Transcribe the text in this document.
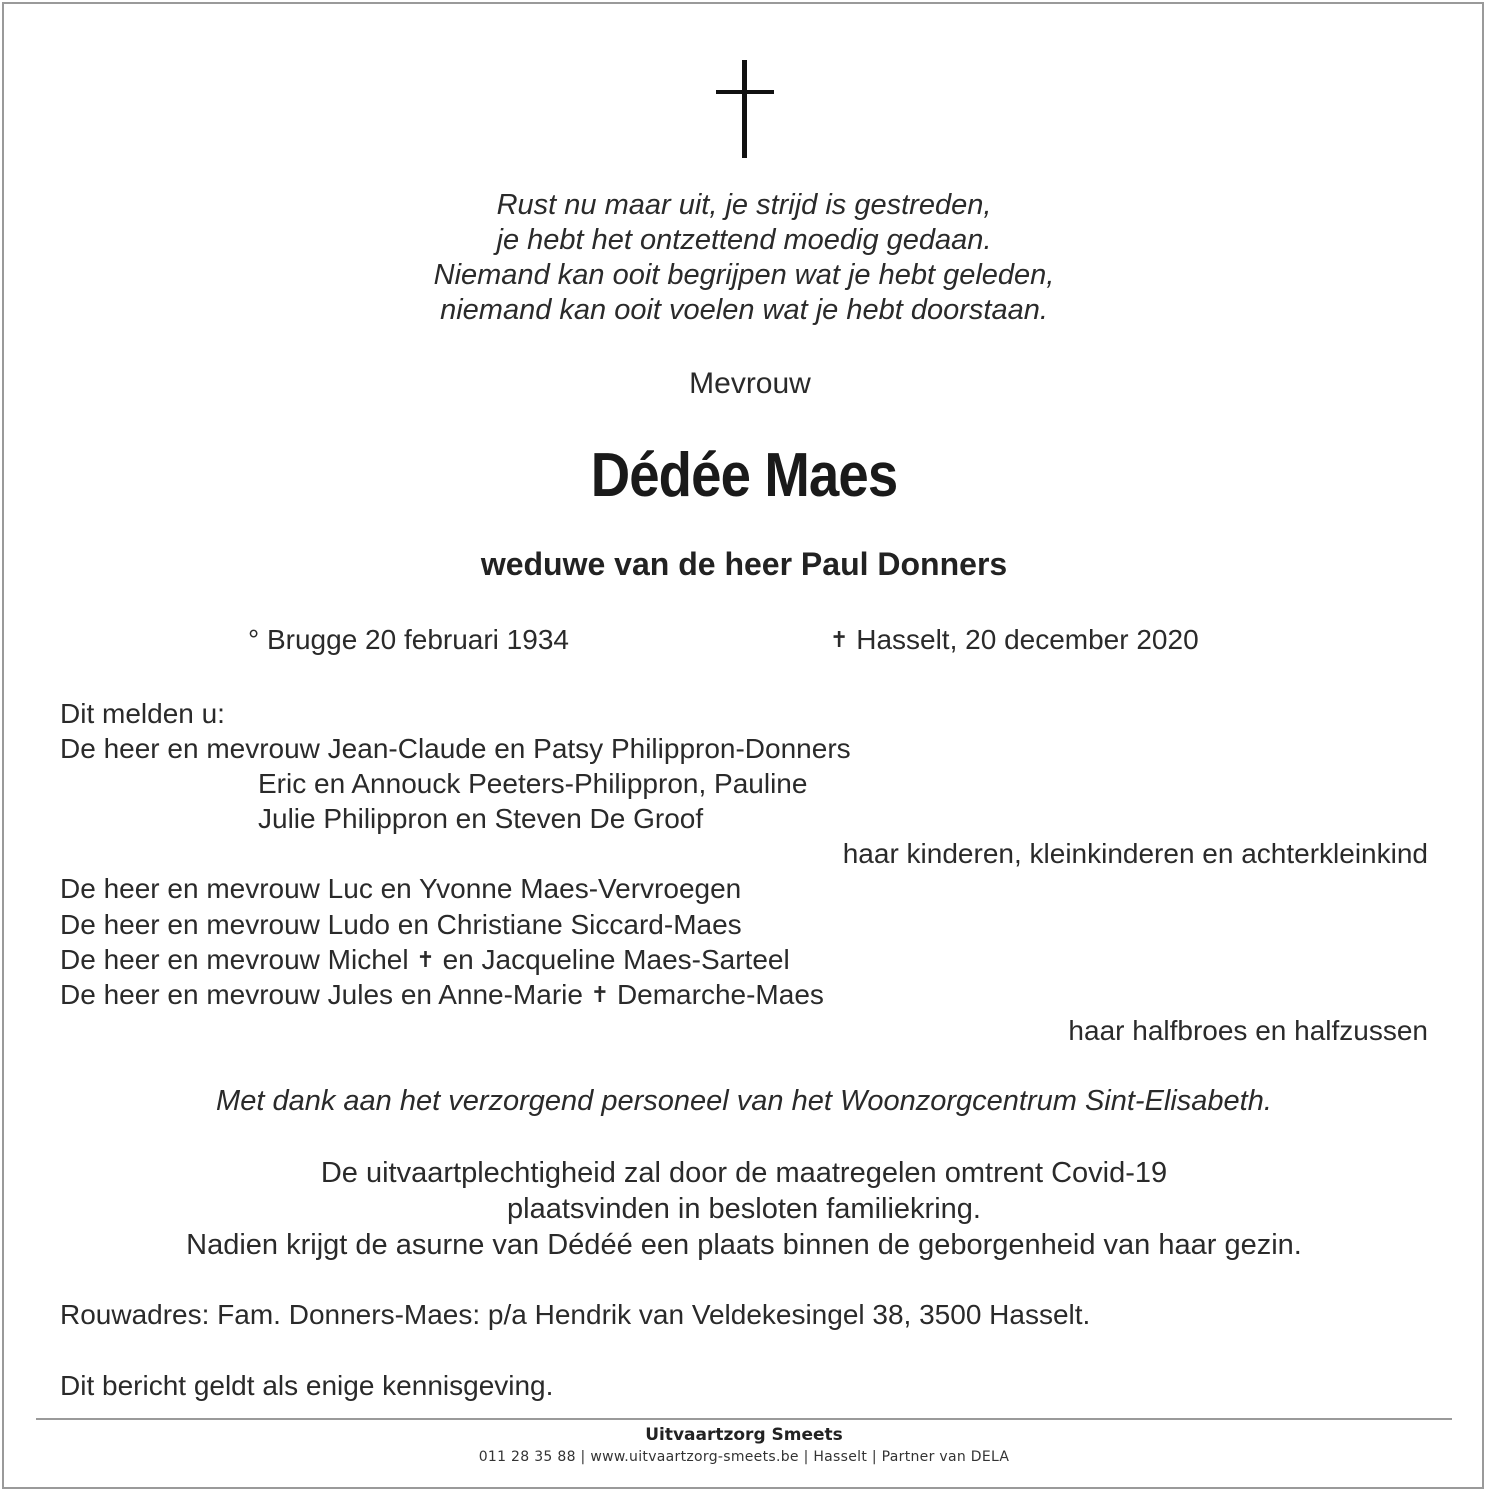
Rust nu maar uit, je strijd is gestreden,
je hebt het ontzettend moedig gedaan.
Niemand kan ooit begrijpen wat je hebt geleden,
niemand kan ooit voelen wat je hebt doorstaan.
Mevrouw
Dédée Maes
weduwe van de heer Paul Donners
° Brugge 20 februari 1934	✝ Hasselt, 20 december 2020
Dit melden u:
De heer en mevrouw Jean-Claude en Patsy Philippron-Donners
Eric en Annouck Peeters-Philippron, Pauline
Julie Philippron en Steven De Groof
haar kinderen, kleinkinderen en achterkleinkind
De heer en mevrouw Luc en Yvonne Maes-Vervroegen
De heer en mevrouw Ludo en Christiane Siccard-Maes
De heer en mevrouw Michel ✝ en Jacqueline Maes-Sarteel
De heer en mevrouw Jules en Anne-Marie ✝ Demarche-Maes
haar halfbroes en halfzussen
Met dank aan het verzorgend personeel van het Woonzorgcentrum Sint-Elisabeth.
De uitvaartplechtigheid zal door de maatregelen omtrent Covid-19
plaatsvinden in besloten familiekring.
Nadien krijgt de asurne van Dédéé een plaats binnen de geborgenheid van haar gezin.
Rouwadres: Fam. Donners-Maes: p/a Hendrik van Veldekesingel 38, 3500 Hasselt.
Dit bericht geldt als enige kennisgeving.
Uitvaartzorg Smeets
011 28 35 88 | www.uitvaartzorg-smeets.be | Hasselt | Partner van DELA
